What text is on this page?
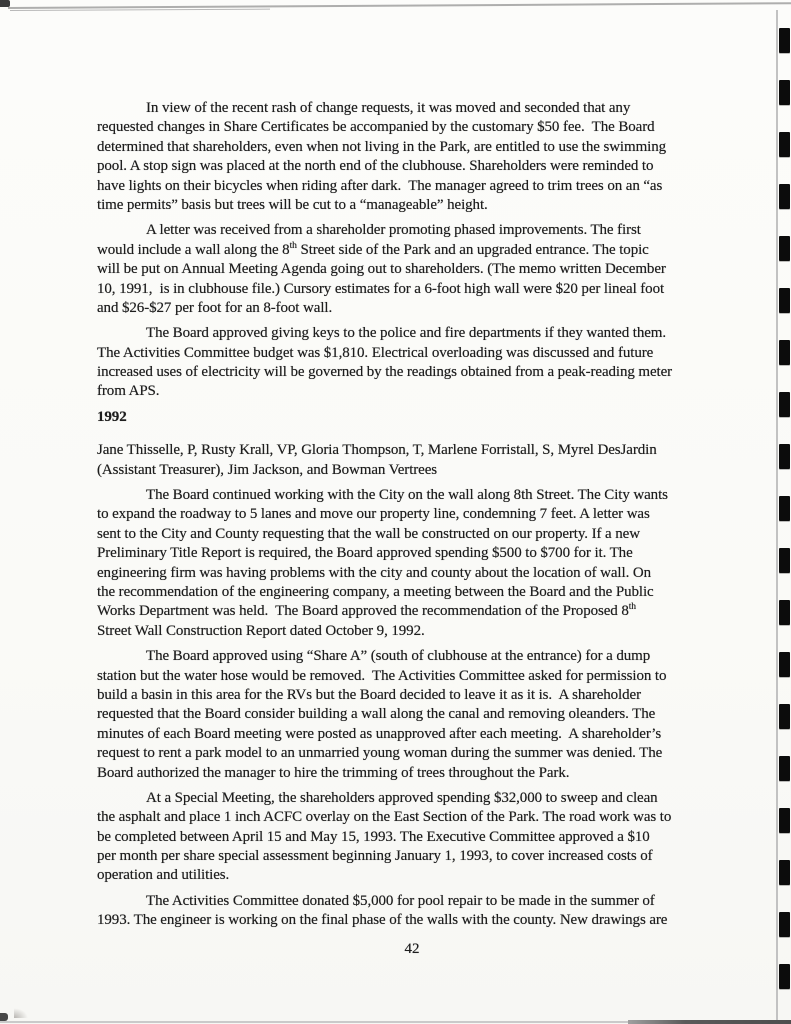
In view of the recent rash of change requests, it was moved and seconded that any
requested changes in Share Certificates be accompanied by the customary $50 fee.  The Board
determined that shareholders, even when not living in the Park, are entitled to use the swimming
pool. A stop sign was placed at the north end of the clubhouse. Shareholders were reminded to
have lights on their bicycles when riding after dark.  The manager agreed to trim trees on an “as
time permits” basis but trees will be cut to a “manageable” height.
A letter was received from a shareholder promoting phased improvements. The first
would include a wall along the 8th Street side of the Park and an upgraded entrance. The topic
will be put on Annual Meeting Agenda going out to shareholders. (The memo written December
10, 1991,  is in clubhouse file.) Cursory estimates for a 6-foot high wall were $20 per lineal foot
and $26-$27 per foot for an 8-foot wall.
The Board approved giving keys to the police and fire departments if they wanted them.
The Activities Committee budget was $1,810. Electrical overloading was discussed and future
increased uses of electricity will be governed by the readings obtained from a peak-reading meter
from APS.
1992
Jane Thisselle, P, Rusty Krall, VP, Gloria Thompson, T, Marlene Forristall, S, Myrel DesJardin
(Assistant Treasurer), Jim Jackson, and Bowman Vertrees
The Board continued working with the City on the wall along 8th Street. The City wants
to expand the roadway to 5 lanes and move our property line, condemning 7 feet. A letter was
sent to the City and County requesting that the wall be constructed on our property. If a new
Preliminary Title Report is required, the Board approved spending $500 to $700 for it. The
engineering firm was having problems with the city and county about the location of wall. On
the recommendation of the engineering company, a meeting between the Board and the Public
Works Department was held.  The Board approved the recommendation of the Proposed 8th
Street Wall Construction Report dated October 9, 1992.
The Board approved using “Share A” (south of clubhouse at the entrance) for a dump
station but the water hose would be removed.  The Activities Committee asked for permission to
build a basin in this area for the RVs but the Board decided to leave it as it is.  A shareholder
requested that the Board consider building a wall along the canal and removing oleanders. The
minutes of each Board meeting were posted as unapproved after each meeting.  A shareholder’s
request to rent a park model to an unmarried young woman during the summer was denied. The
Board authorized the manager to hire the trimming of trees throughout the Park.
At a Special Meeting, the shareholders approved spending $32,000 to sweep and clean
the asphalt and place 1 inch ACFC overlay on the East Section of the Park. The road work was to
be completed between April 15 and May 15, 1993. The Executive Committee approved a $10
per month per share special assessment beginning January 1, 1993, to cover increased costs of
operation and utilities.
The Activities Committee donated $5,000 for pool repair to be made in the summer of
1993. The engineer is working on the final phase of the walls with the county. New drawings are
42
